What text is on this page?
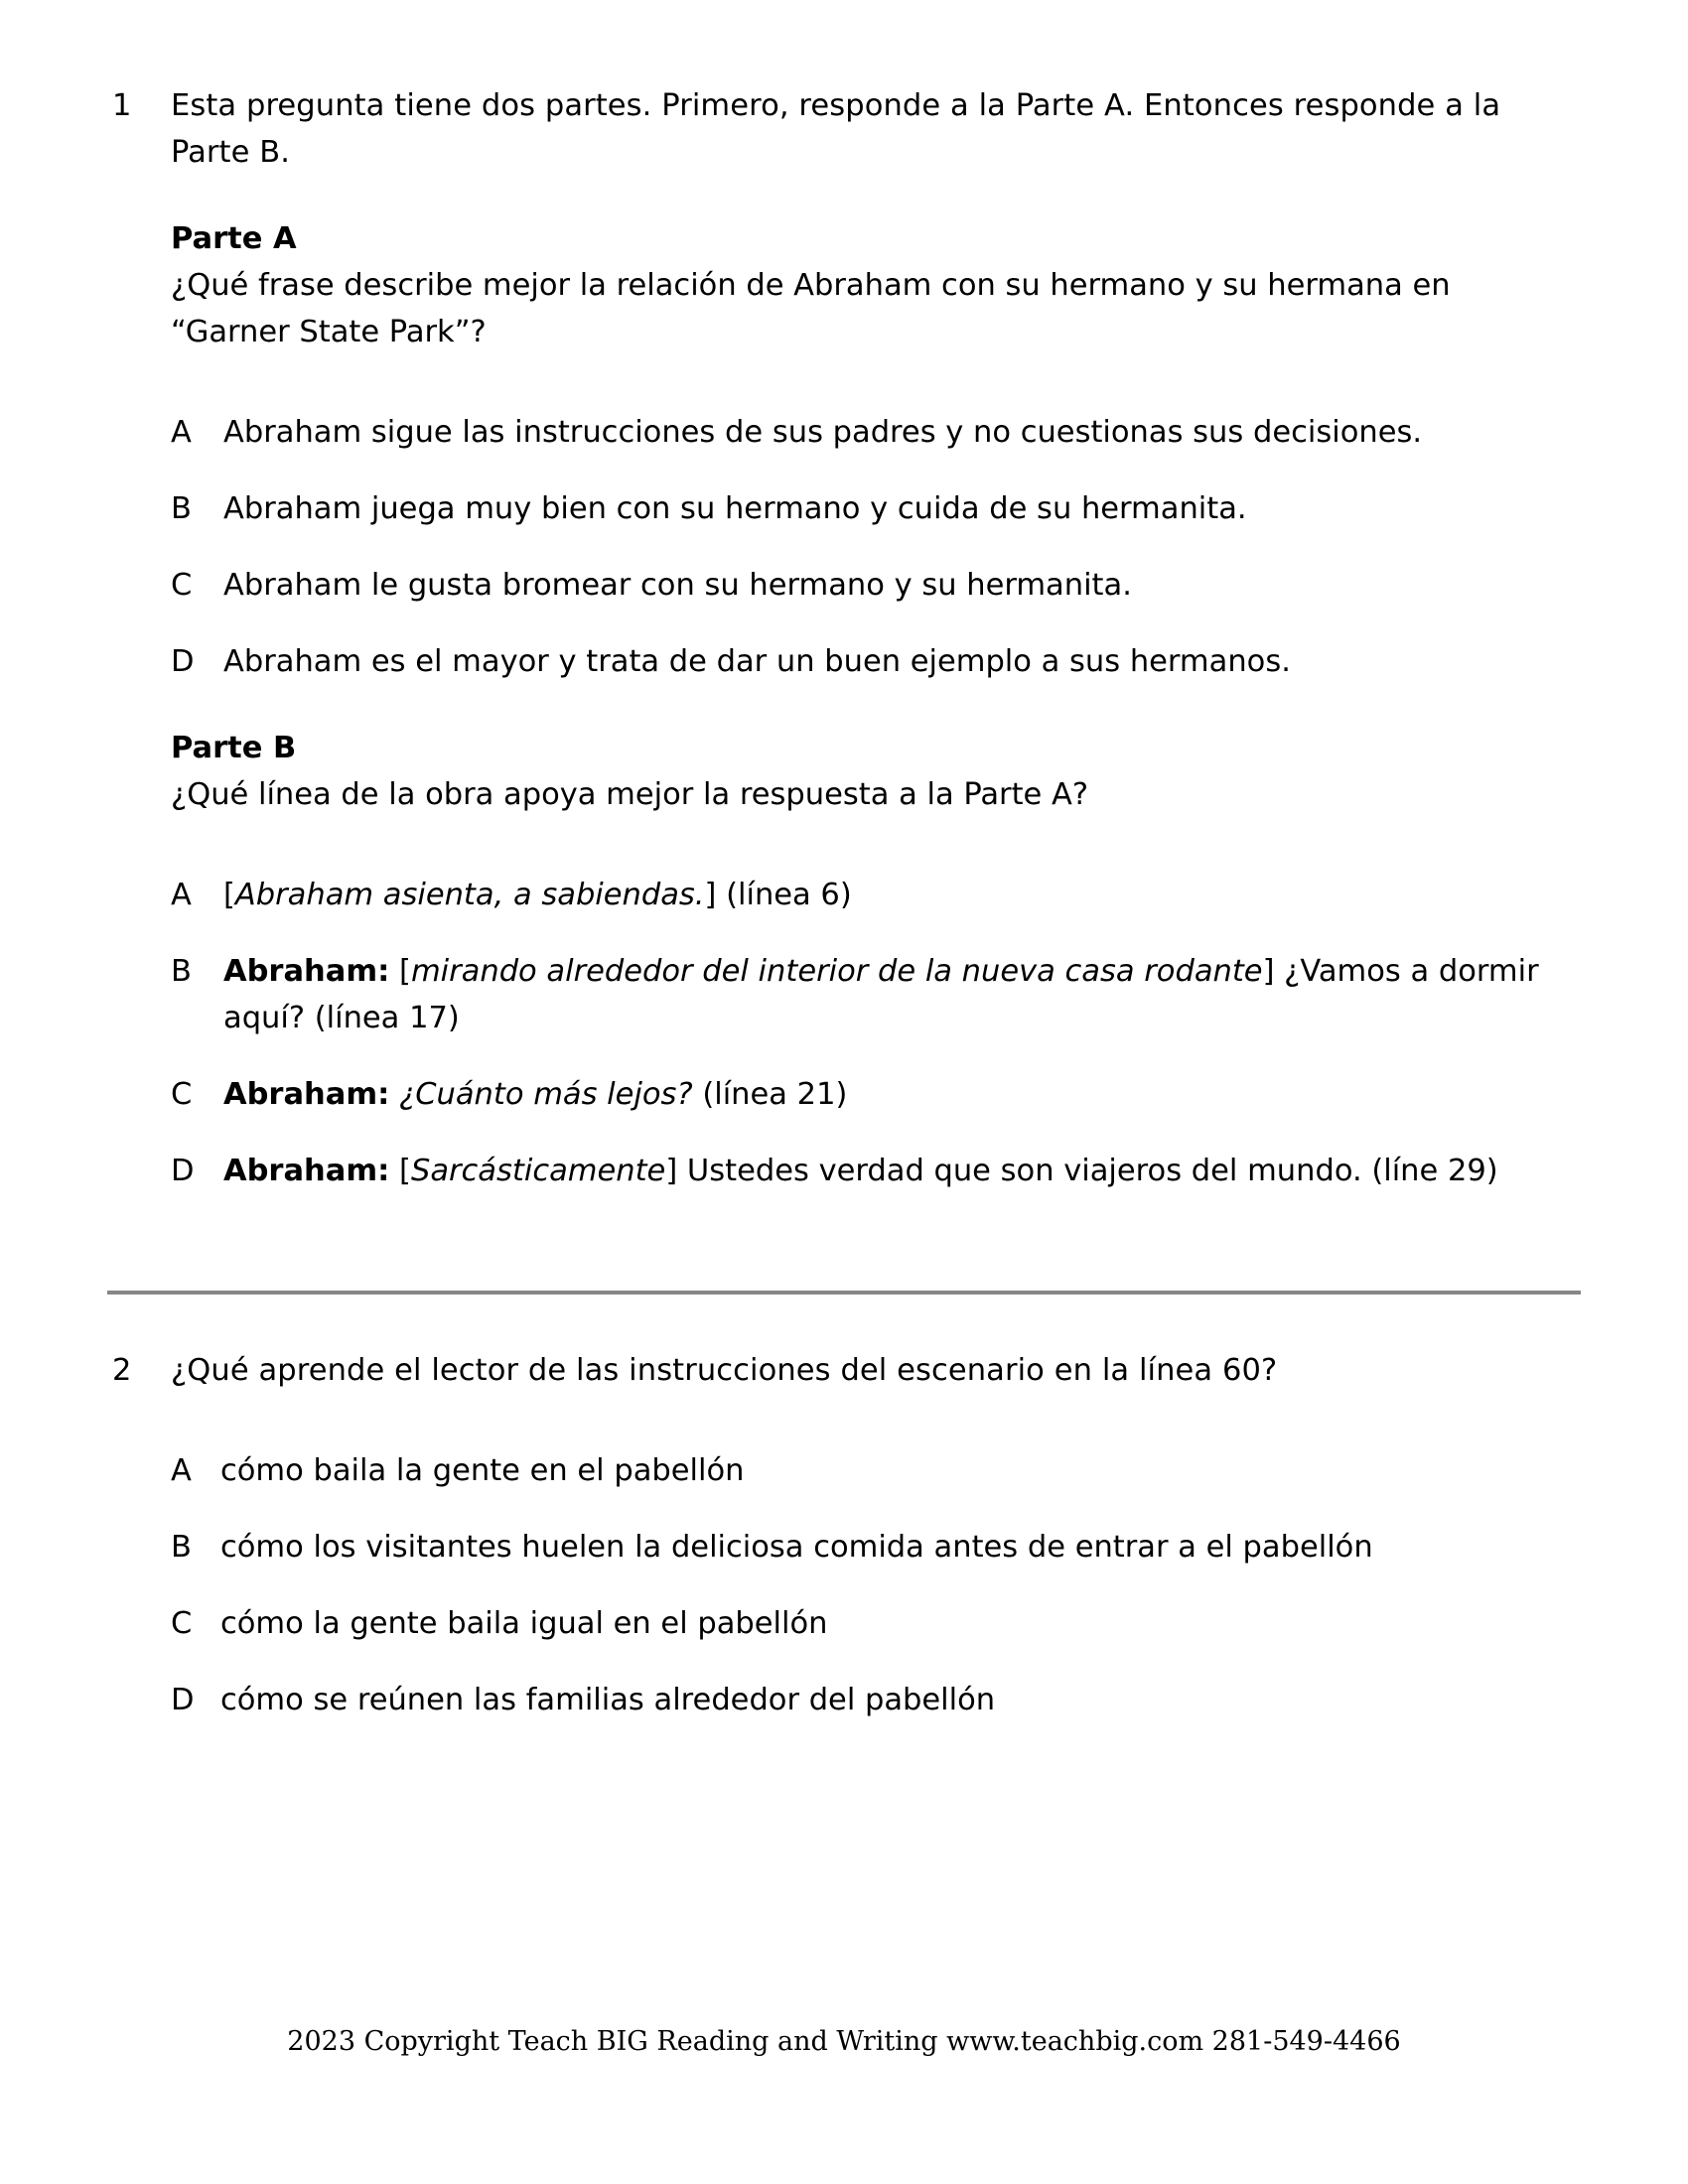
1	Esta pregunta tiene dos partes. Primero, responde a la Parte A. Entonces responde a la Parte B.
Parte A
¿Qué frase describe mejor la relación de Abraham con su hermano y su hermana en “Garner State Park”?
A	Abraham sigue las instrucciones de sus padres y no cuestionas sus decisiones.
B	Abraham juega muy bien con su hermano y cuida de su hermanita.
C	Abraham le gusta bromear con su hermano y su hermanita.
D Abraham es el mayor y trata de dar un buen ejemplo a sus hermanos.
Parte B
¿Qué línea de la obra apoya mejor la respuesta a la Parte A?
A	[Abraham asienta, a sabiendas.] (línea 6)
B	Abraham: [mirando alrededor del interior de la nueva casa rodante] ¿Vamos a dormir aquí? (línea 17)
C	Abraham: ¿Cuánto más lejos? (línea 21)
D Abraham: [Sarcásticamente] Ustedes verdad que son viajeros del mundo. (líne 29)
2	¿Qué aprende el lector de las instrucciones del escenario en la línea 60?
A cómo baila la gente en el pabellón
B cómo los visitantes huelen la deliciosa comida antes de entrar a el pabellón
C cómo la gente baila igual en el pabellón
D cómo se reúnen las familias alrededor del pabellón
2023 Copyright Teach BIG Reading and Writing www.teachbig.com 281-549-4466
